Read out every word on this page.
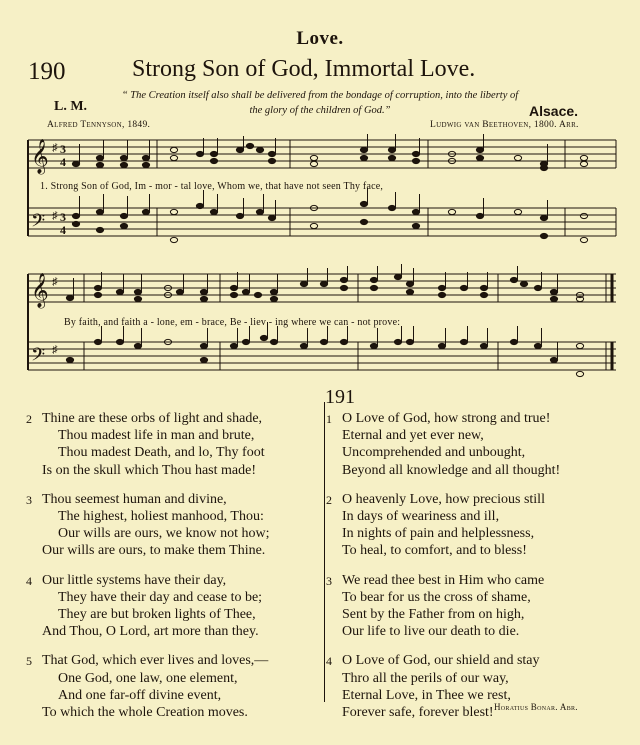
Love.
190	Strong Son of God, Immortal Love.
“ The Creation itself also shall be delivered from the bondage of corruption, into the liberty of
the glory of the children of God.”
L. M.	Alsace.
Alfred Tennyson, 1849.	Ludwig van Beethoven, 1800. Arr.
𝄞
𝄢
♯
♯
3
4
3
4
1. Strong Son of God, Im - mor - tal love, Whom we, that have not seen Thy face,
𝄞
𝄢
♯
♯
By faith, and faith a - lone, em - brace, Be - liev - ing where we can - not prove:
2 Thine are these orbs of light and shade,
Thou madest life in man and brute,
Thou madest Death, and lo, Thy foot
Is on the skull which Thou hast made!
3 Thou seemest human and divine,
The highest, holiest manhood, Thou:
Our wills are ours, we know not how;
Our wills are ours, to make them Thine.
4 Our little systems have their day,
They have their day and cease to be;
They are but broken lights of Thee,
And Thou, O Lord, art more than they.
5 That God, which ever lives and loves,—
One God, one law, one element,
And one far-off divine event,
To which the whole Creation moves.
191
1 O Love of God, how strong and true!
Eternal and yet ever new,
Uncomprehended and unbought,
Beyond all knowledge and all thought!
2 O heavenly Love, how precious still
In days of weariness and ill,
In nights of pain and helplessness,
To heal, to comfort, and to bless!
3 We read thee best in Him who came
To bear for us the cross of shame,
Sent by the Father from on high,
Our life to live our death to die.
4 O Love of God, our shield and stay
Thro all the perils of our way,
Eternal Love, in Thee we rest,
Forever safe, forever blest! Horatius Bonar. Abr.
